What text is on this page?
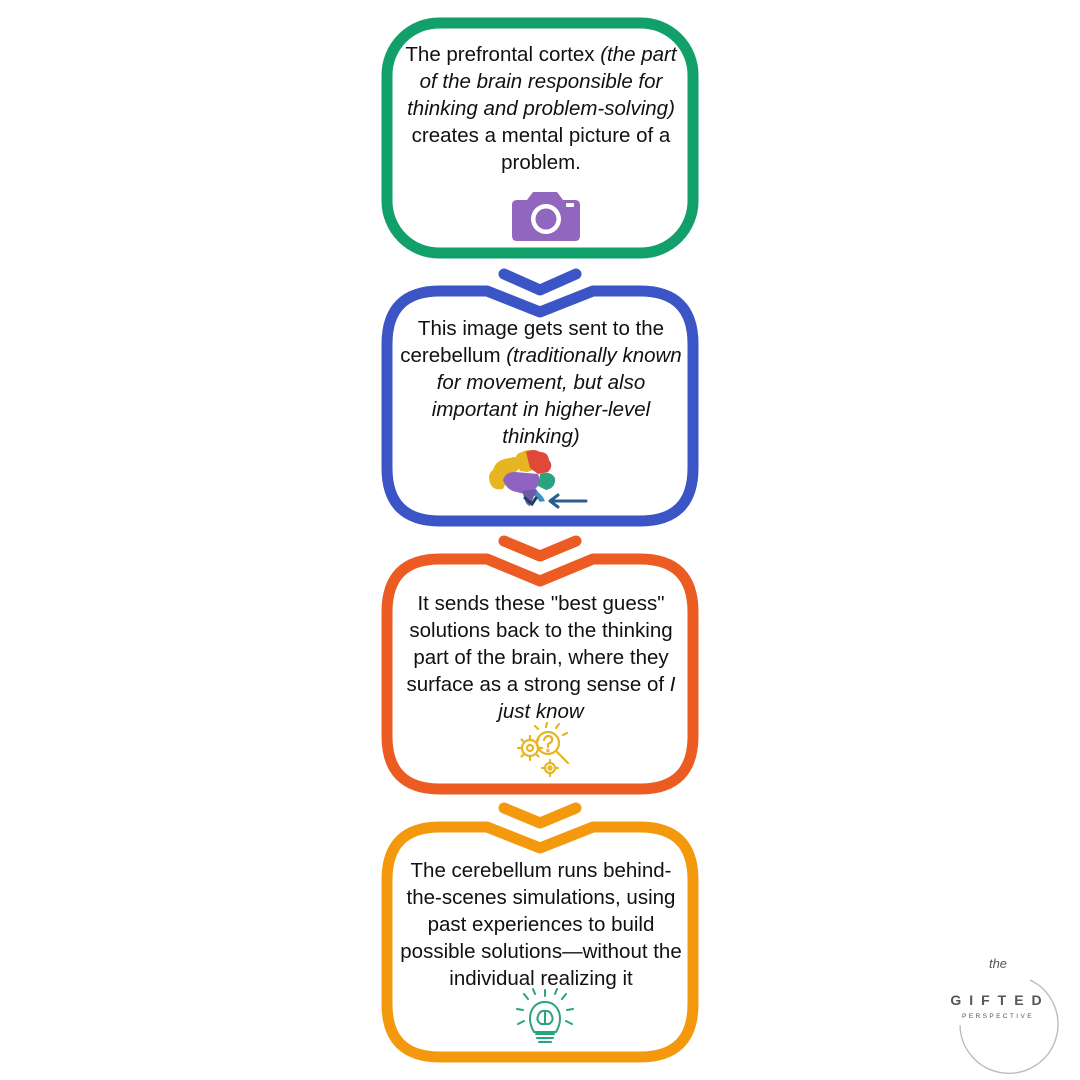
the
GIFTED
PERSPECTIVE
The prefrontal cortex (the part of the brain responsible for thinking and problem-solving) creates a mental picture of a problem.
This image gets sent to the cerebellum (traditionally known for movement, but also important in higher-level thinking)
It sends these "best guess" solutions back to the thinking part of the brain, where they surface as a strong sense of I just know
The cerebellum runs behind-the-scenes simulations, using past experiences to build possible solutions—without the individual realizing it
